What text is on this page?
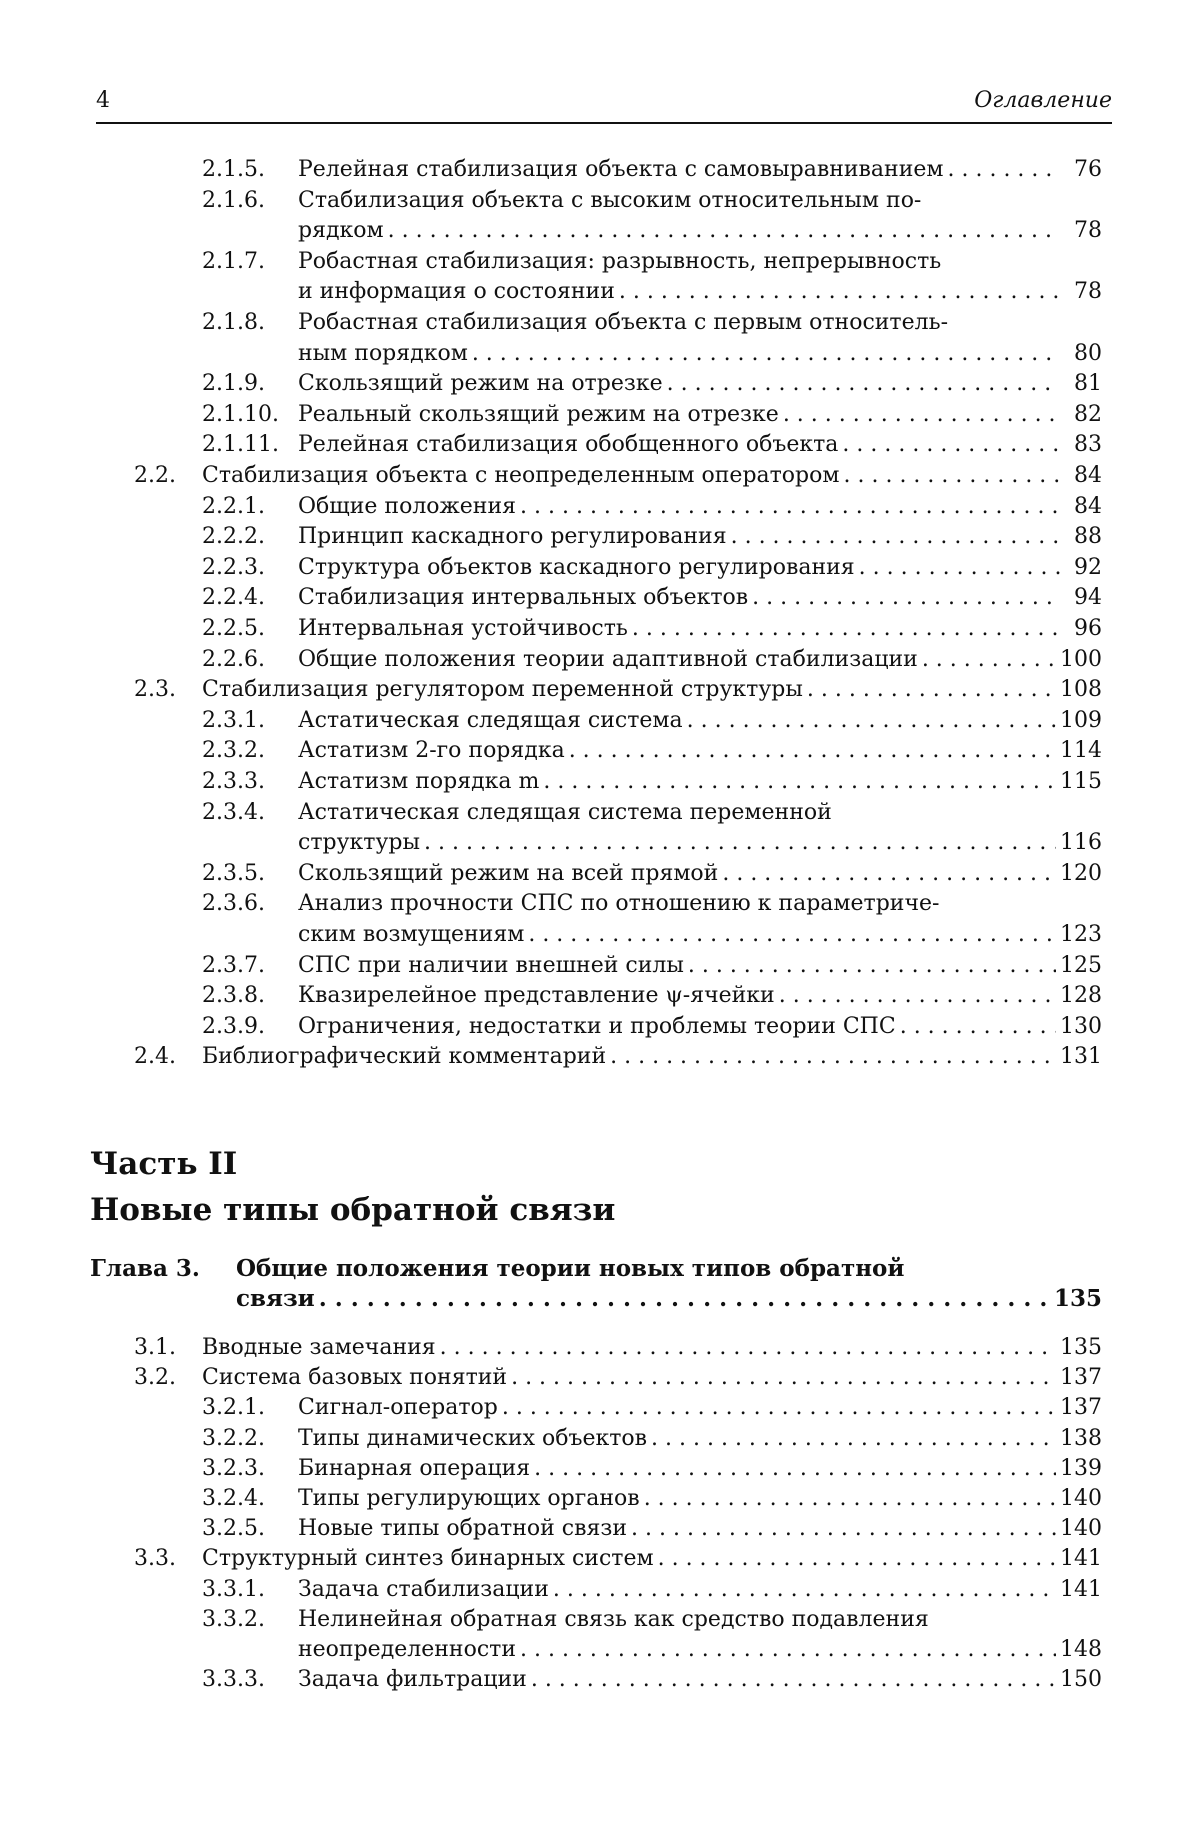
4	Оглавление
2.1.5. Релейная стабилизация объекта с самовыравниванием . . .	76
2.1.6. Стабилизация объекта с высоким относительным по-
рядком . . .	78
2.1.7. Робастная стабилизация: разрывность, непрерывность
и информация о состоянии . . .	78
2.1.8. Робастная стабилизация объекта с первым относитель-
ным порядком . . .	80
2.1.9. Скользящий режим на отрезке . . .	81
2.1.10. Реальный скользящий режим на отрезке . . .	82
2.1.11. Релейная стабилизация обобщенного объекта . . .	83
2.2. Стабилизация объекта с неопределенным оператором . . .	84
2.2.1. Общие положения . . .	84
2.2.2. Принцип каскадного регулирования . . .	88
2.2.3. Структура объектов каскадного регулирования . . .	92
2.2.4. Стабилизация интервальных объектов . . .	94
2.2.5. Интервальная устойчивость . . .	96
2.2.6. Общие положения теории адаптивной стабилизации . . .	100
2.3. Стабилизация регулятором переменной структуры . . .	108
2.3.1. Астатическая следящая система . . .	109
2.3.2. Астатизм 2-го порядка . . .	114
2.3.3. Астатизм порядка m . . .	115
2.3.4. Астатическая следящая система переменной
структуры . . .	116
2.3.5. Скользящий режим на всей прямой . . .	120
2.3.6. Анализ прочности СПС по отношению к параметриче-
ским возмущениям . . .	123
2.3.7. СПС при наличии внешней силы . . .	125
2.3.8. Квазирелейное представление ψ-ячейки . . .	128
2.3.9. Ограничения, недостатки и проблемы теории СПС . . .	130
2.4. Библиографический комментарий . . .	131
Часть II
Новые типы обратной связи
Глава 3. Общие положения теории новых типов обратной
связи . . .	135
3.1. Вводные замечания . . .	135
3.2. Система базовых понятий . . .	137
3.2.1. Сигнал-оператор . . .	137
3.2.2. Типы динамических объектов . . .	138
3.2.3. Бинарная операция . . .	139
3.2.4. Типы регулирующих органов . . .	140
3.2.5. Новые типы обратной связи . . .	140
3.3. Структурный синтез бинарных систем . . .	141
3.3.1. Задача стабилизации . . .	141
3.3.2. Нелинейная обратная связь как средство подавления
неопределенности . . .	148
3.3.3. Задача фильтрации . . .	150
